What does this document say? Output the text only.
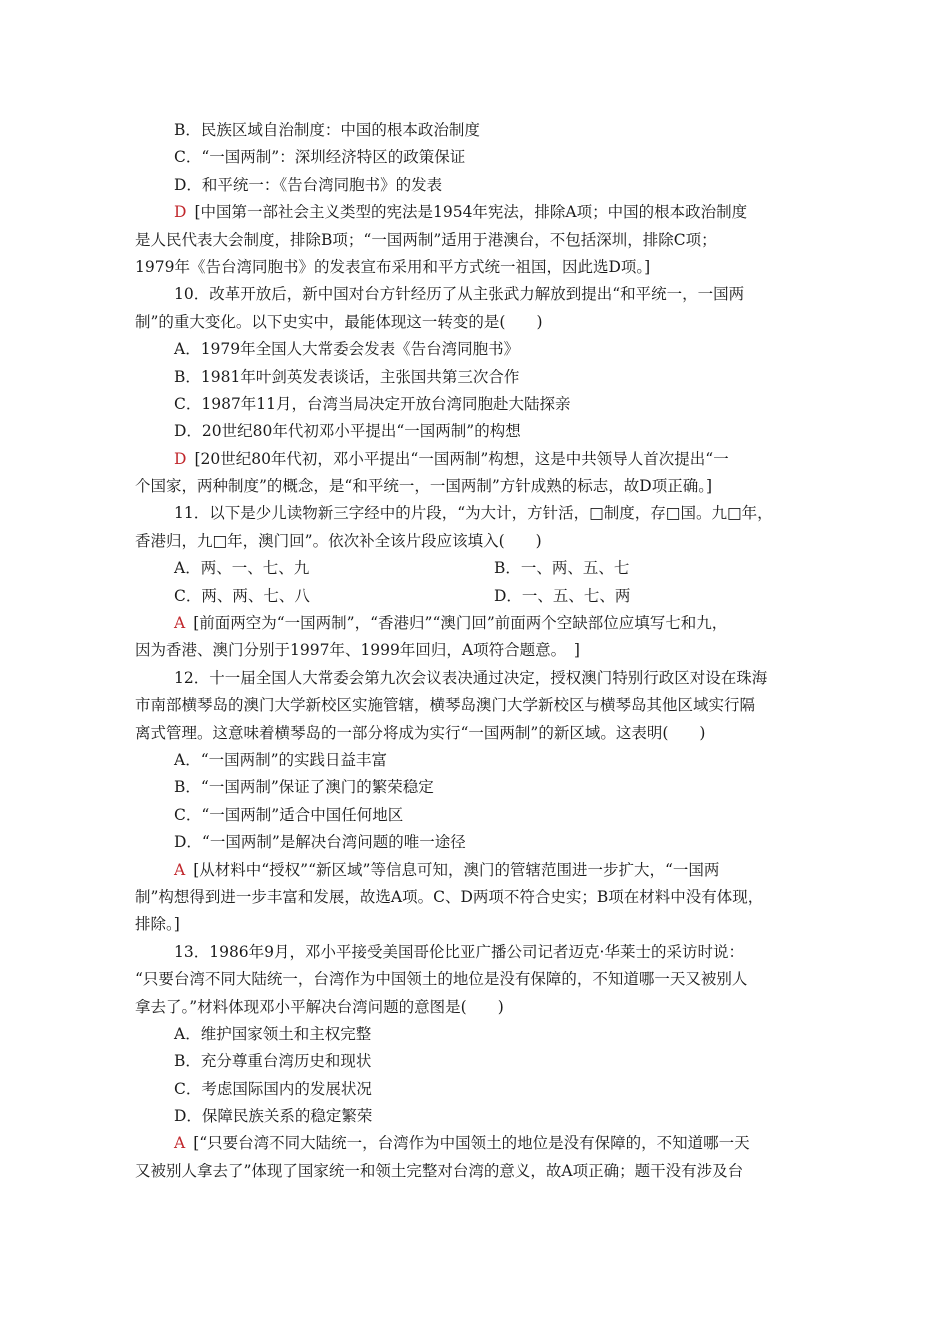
B．民族区域自治制度：中国的根本政治制度
C．“一国两制”：深圳经济特区的政策保证
D．和平统一：《告台湾同胞书》的发表
D [中国第一部社会主义类型的宪法是1954年宪法，排除A项；中国的根本政治制度
是人民代表大会制度，排除B项；“一国两制”适用于港澳台，不包括深圳，排除C项；
1979年《告台湾同胞书》的发表宣布采用和平方式统一祖国，因此选D项。]
10．改革开放后，新中国对台方针经历了从主张武力解放到提出“和平统一，一国两
制”的重大变化。以下史实中，最能体现这一转变的是(　　)
A．1979年全国人大常委会发表《告台湾同胞书》
B．1981年叶剑英发表谈话，主张国共第三次合作
C．1987年11月，台湾当局决定开放台湾同胞赴大陆探亲
D．20世纪80年代初邓小平提出“一国两制”的构想
D [20世纪80年代初，邓小平提出“一国两制”构想，这是中共领导人首次提出“一
个国家，两种制度”的概念，是“和平统一，一国两制”方针成熟的标志，故D项正确。]
11．以下是少儿读物新三字经中的片段，“为大计，方针活，□制度，存□国。九□年，
香港归，九□年，澳门回”。依次补全该片段应该填入(　　)
A．两、一、七、九	B．一、两、五、七
C．两、两、七、八	D．一、五、七、两
A [前面两空为“一国两制”，“香港归”“澳门回”前面两个空缺部位应填写七和九，
因为香港、澳门分别于1997年、1999年回归，A项符合题意。　]
12．十一届全国人大常委会第九次会议表决通过决定，授权澳门特别行政区对设在珠海
市南部横琴岛的澳门大学新校区实施管辖，横琴岛澳门大学新校区与横琴岛其他区域实行隔
离式管理。这意味着横琴岛的一部分将成为实行“一国两制”的新区域。这表明(　　)
A．“一国两制”的实践日益丰富
B．“一国两制”保证了澳门的繁荣稳定
C．“一国两制”适合中国任何地区
D．“一国两制”是解决台湾问题的唯一途径
A [从材料中“授权”“新区域”等信息可知，澳门的管辖范围进一步扩大，“一国两
制”构想得到进一步丰富和发展，故选A项。C、D两项不符合史实；B项在材料中没有体现，
排除。]
13．1986年9月，邓小平接受美国哥伦比亚广播公司记者迈克·华莱士的采访时说：
“只要台湾不同大陆统一，台湾作为中国领土的地位是没有保障的，不知道哪一天又被别人
拿去了。”材料体现邓小平解决台湾问题的意图是(　　)
A．维护国家领土和主权完整
B．充分尊重台湾历史和现状
C．考虑国际国内的发展状况
D．保障民族关系的稳定繁荣
A [“只要台湾不同大陆统一，台湾作为中国领土的地位是没有保障的，不知道哪一天
又被别人拿去了”体现了国家统一和领土完整对台湾的意义，故A项正确；题干没有涉及台
